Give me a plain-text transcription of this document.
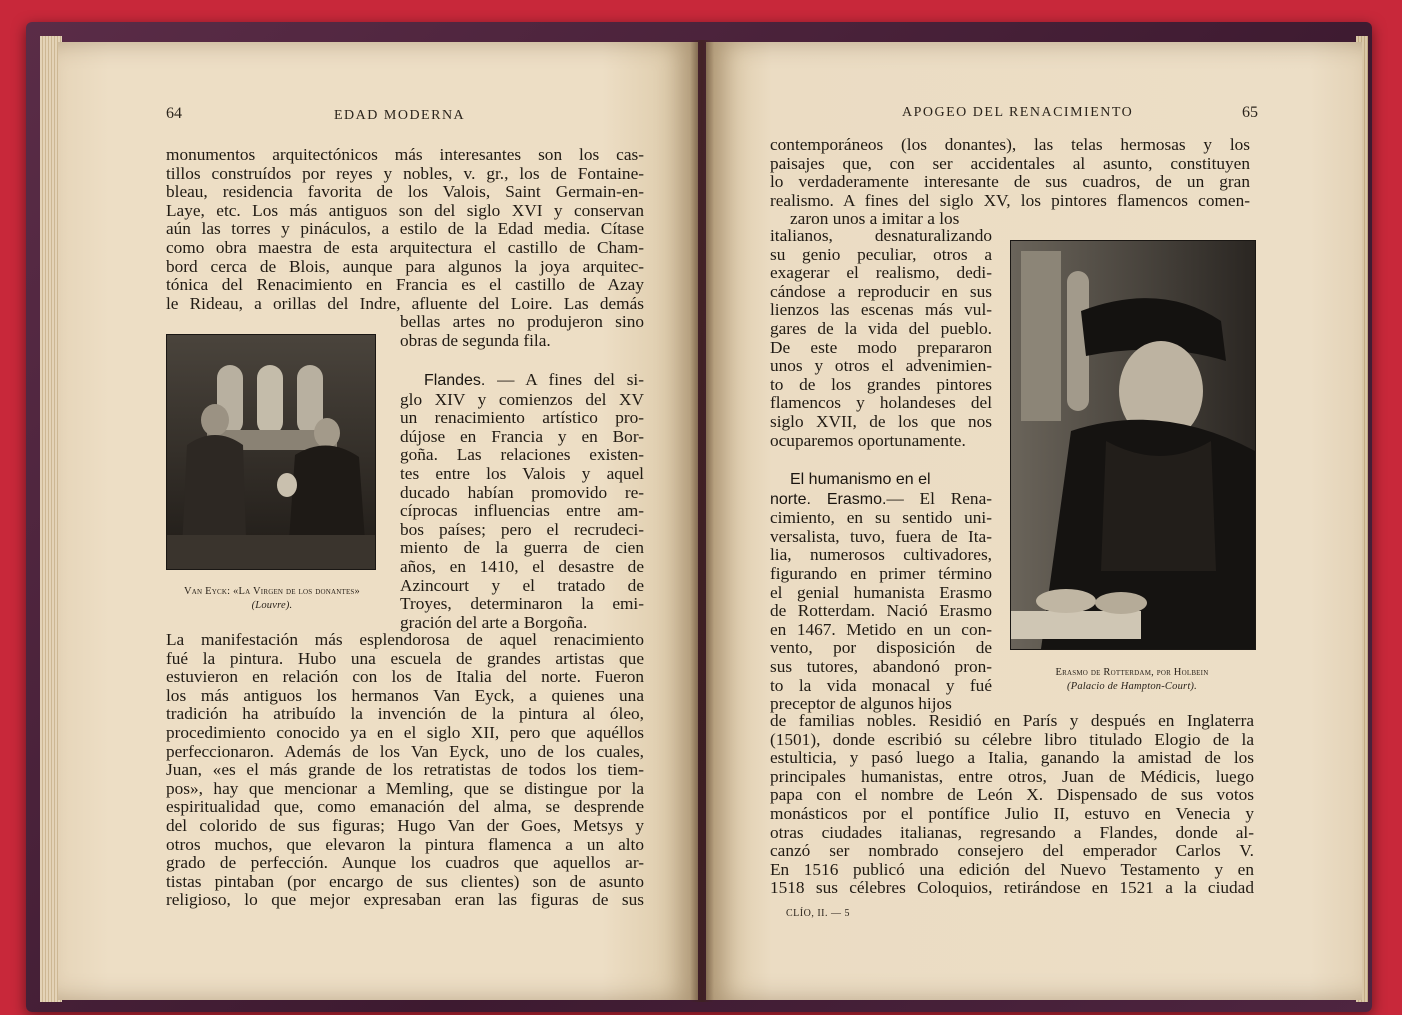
64	EDAD MODERNA
monumentos arquitectónicos más interesantes son los cas-
tillos construídos por reyes y nobles, v. gr., los de Fontaine-
bleau, residencia favorita de los Valois, Saint Germain-en-
Laye, etc. Los más antiguos son del siglo XVI y conservan
aún las torres y pináculos, a estilo de la Edad media. Cítase
como obra maestra de esta arquitectura el castillo de Cham-
bord cerca de Blois, aunque para algunos la joya arquitec-
tónica del Renacimiento en Francia es el castillo de Azay
le Rideau, a orillas del Indre, afluente del Loire. Las demás
Van Eyck: «La Virgen de los donantes»
(Louvre).
bellas artes no produjeron sino
obras de segunda fila.
Flandes. — A fines del si-
glo XIV y comienzos del XV
un renacimiento artístico pro-
dújose en Francia y en Bor-
goña. Las relaciones existen-
tes entre los Valois y aquel
ducado habían promovido re-
cíprocas influencias entre am-
bos países; pero el recrudeci-
miento de la guerra de cien
años, en 1410, el desastre de
Azincourt y el tratado de
Troyes, determinaron la emi-
gración del arte a Borgoña.
La manifestación más esplendorosa de aquel renacimiento
fué la pintura. Hubo una escuela de grandes artistas que
estuvieron en relación con los de Italia del norte. Fueron
los más antiguos los hermanos Van Eyck, a quienes una
tradición ha atribuído la invención de la pintura al óleo,
procedimiento conocido ya en el siglo XII, pero que aquéllos
perfeccionaron. Además de los Van Eyck, uno de los cuales,
Juan, «es el más grande de los retratistas de todos los tiem-
pos», hay que mencionar a Memling, que se distingue por la
espiritualidad que, como emanación del alma, se desprende
del colorido de sus figuras; Hugo Van der Goes, Metsys y
otros muchos, que elevaron la pintura flamenca a un alto
grado de perfección. Aunque los cuadros que aquellos ar-
tistas pintaban (por encargo de sus clientes) son de asunto
religioso, lo que mejor expresaban eran las figuras de sus
APOGEO DEL RENACIMIENTO	65
contemporáneos (los donantes), las telas hermosas y los
paisajes que, con ser accidentales al asunto, constituyen
lo verdaderamente interesante de sus cuadros, de un gran
realismo. A fines del siglo XV, los pintores flamencos comen-
zaron unos a imitar a los
italianos, desnaturalizando
su genio peculiar, otros a
exagerar el realismo, dedi-
cándose a reproducir en sus
lienzos las escenas más vul-
gares de la vida del pueblo.
De este modo prepararon
unos y otros el advenimien-
to de los grandes pintores
flamencos y holandeses del
siglo XVII, de los que nos
ocuparemos oportunamente.
Erasmo de Rotterdam, por Holbein
(Palacio de Hampton-Court).
El humanismo en el
norte. Erasmo.— El Rena-
cimiento, en su sentido uni-
versalista, tuvo, fuera de Ita-
lia, numerosos cultivadores,
figurando en primer término
el genial humanista Erasmo
de Rotterdam. Nació Erasmo
en 1467. Metido en un con-
vento, por disposición de
sus tutores, abandonó pron-
to la vida monacal y fué
preceptor de algunos hijos
de familias nobles. Residió en París y después en Inglaterra
(1501), donde escribió su célebre libro titulado Elogio de la
estulticia, y pasó luego a Italia, ganando la amistad de los
principales humanistas, entre otros, Juan de Médicis, luego
papa con el nombre de León X. Dispensado de sus votos
monásticos por el pontífice Julio II, estuvo en Venecia y
otras ciudades italianas, regresando a Flandes, donde al-
canzó ser nombrado consejero del emperador Carlos V.
En 1516 publicó una edición del Nuevo Testamento y en
1518 sus célebres Coloquios, retirándose en 1521 a la ciudad
CLÍO, II. — 5
